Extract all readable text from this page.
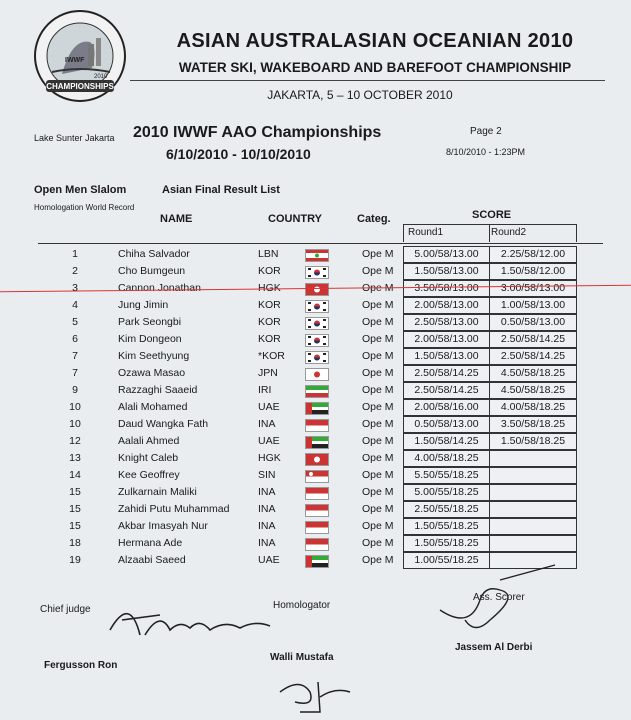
CHAMPIONSHIPS
IWWF
2010
ASIAN AUSTRALASIAN OCEANIAN 2010
WATER SKI, WAKEBOARD AND BAREFOOT CHAMPIONSHIP
JAKARTA, 5 – 10 OCTOBER 2010
Lake Sunter Jakarta 2010 IWWF AAO Championships
6/10/2010 - 10/10/2010
Page 2
8/10/2010 - 1:23PM
Open Men Slalom	Asian Final Result List
Homologation World Record
NAME	COUNTRY	Categ.	SCORE
Round1	Round2
1	Chiha Salvador	LBN	Ope M	5.00/58/13.00	2.25/58/12.00
2	Cho Bumgeun	KOR	Ope M	1.50/58/13.00	1.50/58/12.00
3	Cannon Jonathan	HGK	Ope M	3.50/58/13.00	3.00/58/13.00
4	Jung Jimin	KOR	Ope M	2.00/58/13.00	1.00/58/13.00
5	Park Seongbi	KOR	Ope M	2.50/58/13.00	0.50/58/13.00
6	Kim Dongeon	KOR	Ope M	2.00/58/13.00	2.50/58/14.25
7	Kim Seethyung	*KOR	Ope M	1.50/58/13.00	2.50/58/14.25
7	Ozawa Masao	JPN	Ope M	2.50/58/14.25	4.50/58/18.25
9	Razzaghi Saaeid	IRI	Ope M	2.50/58/14.25	4.50/58/18.25
10	Alali Mohamed	UAE	Ope M	2.00/58/16.00	4.00/58/18.25
10	Daud Wangka Fath	INA	Ope M	0.50/58/13.00	3.50/58/18.25
12	Aalali Ahmed	UAE	Ope M	1.50/58/14.25	1.50/58/18.25
13	Knight Caleb	HGK	Ope M	4.00/58/18.25
14	Kee Geoffrey	SIN	Ope M	5.50/55/18.25
15	Zulkarnain Maliki	INA	Ope M	5.00/55/18.25
15	Zahidi Putu Muhammad	INA	Ope M	2.50/55/18.25
15	Akbar Imasyah Nur	INA	Ope M	1.50/55/18.25
18	Hermana Ade	INA	Ope M	1.50/55/18.25
19	Alzaabi Saeed	UAE	Ope M	1.00/55/18.25
Chief judge
Fergusson Ron
Homologator
Walli Mustafa
Ass. Scorer
Jassem Al Derbi
